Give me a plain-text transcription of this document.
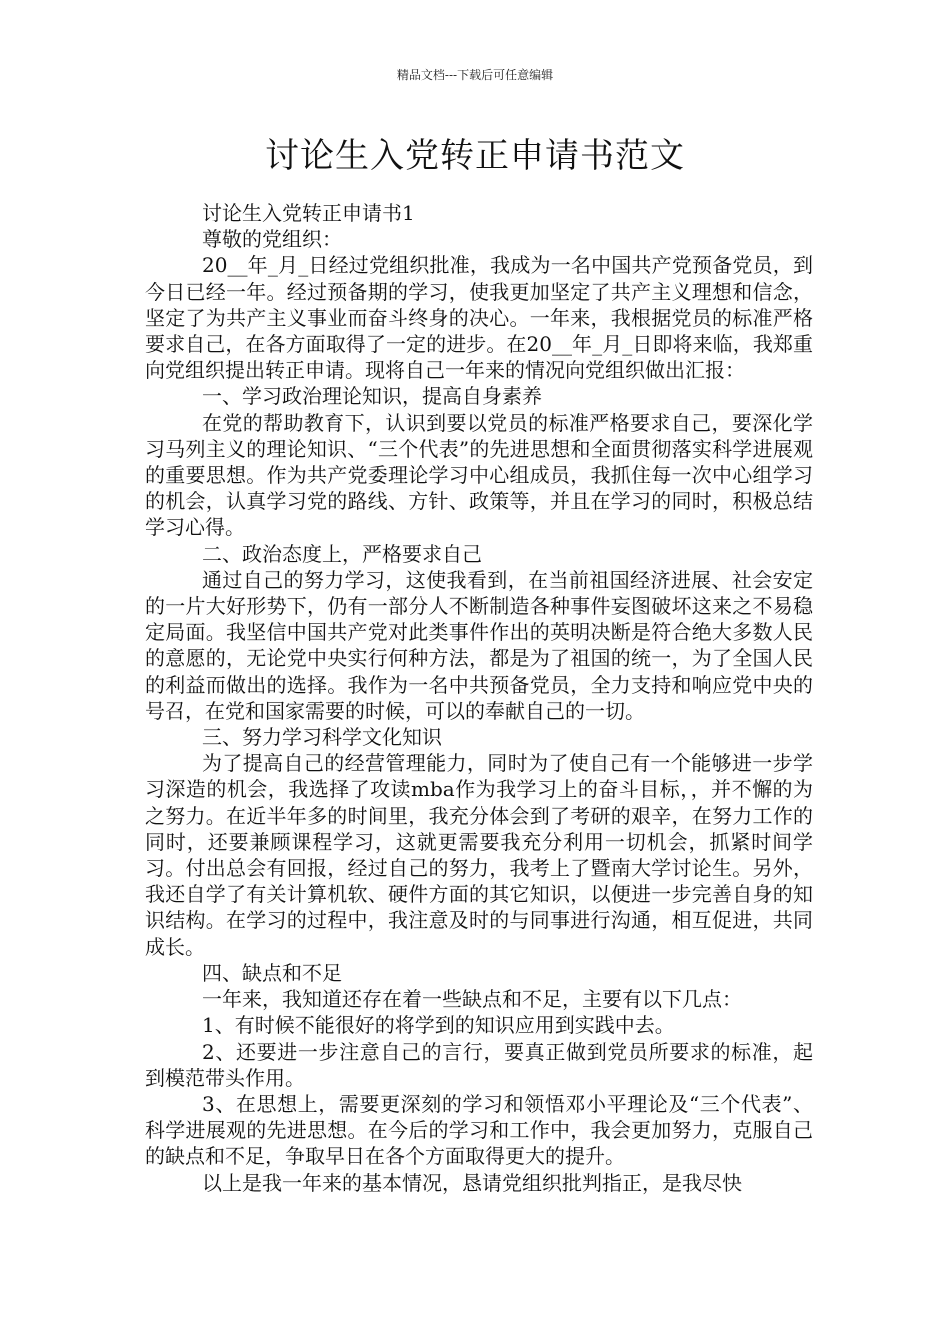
精品文档---下载后可任意编辑
讨论生入党转正申请书范文

讨论生入党转正申请书1

尊敬的党组织：

20__年_月_日经过党组织批准，我成为一名中国共产党预备党员，到今日已经一年。经过预备期的学习，使我更加坚定了共产主义理想和信念，坚定了为共产主义事业而奋斗终身的决心。一年来，我根据党员的标准严格要求自己，在各方面取得了一定的进步。在20__年_月_日即将来临，我郑重向党组织提出转正申请。现将自己一年来的情况向党组织做出汇报：

一、学习政治理论知识，提高自身素养

在党的帮助教育下，认识到要以党员的标准严格要求自己，要深化学习马列主义的理论知识、“三个代表”的先进思想和全面贯彻落实科学进展观的重要思想。作为共产党委理论学习中心组成员，我抓住每一次中心组学习的机会，认真学习党的路线、方针、政策等，并且在学习的同时，积极总结学习心得。

二、政治态度上，严格要求自己

通过自己的努力学习，这使我看到，在当前祖国经济进展、社会安定的一片大好形势下，仍有一部分人不断制造各种事件妄图破坏这来之不易稳定局面。我坚信中国共产党对此类事件作出的英明决断是符合绝大多数人民的意愿的，无论党中央实行何种方法，都是为了祖国的统一，为了全国人民的利益而做出的选择。我作为一名中共预备党员，全力支持和响应党中央的号召，在党和国家需要的时候，可以的奉献自己的一切。

三、努力学习科学文化知识

为了提高自己的经营管理能力，同时为了使自己有一个能够进一步学习深造的机会，我选择了攻读mba作为我学习上的奋斗目标，，并不懈的为之努力。在近半年多的时间里，我充分体会到了考研的艰辛，在努力工作的同时，还要兼顾课程学习，这就更需要我充分利用一切机会，抓紧时间学习。付出总会有回报，经过自己的努力，我考上了暨南大学讨论生。另外，我还自学了有关计算机软、硬件方面的其它知识，以便进一步完善自身的知识结构。在学习的过程中，我注意及时的与同事进行沟通，相互促进，共同成长。

四、缺点和不足

一年来，我知道还存在着一些缺点和不足，主要有以下几点：

1、有时候不能很好的将学到的知识应用到实践中去。

2、还要进一步注意自己的言行，要真正做到党员所要求的标准，起到模范带头作用。

3、在思想上，需要更深刻的学习和领悟邓小平理论及“三个代表”、科学进展观的先进思想。在今后的学习和工作中，我会更加努力，克服自己的缺点和不足，争取早日在各个方面取得更大的提升。

以上是我一年来的基本情况，恳请党组织批判指正，是我尽快
